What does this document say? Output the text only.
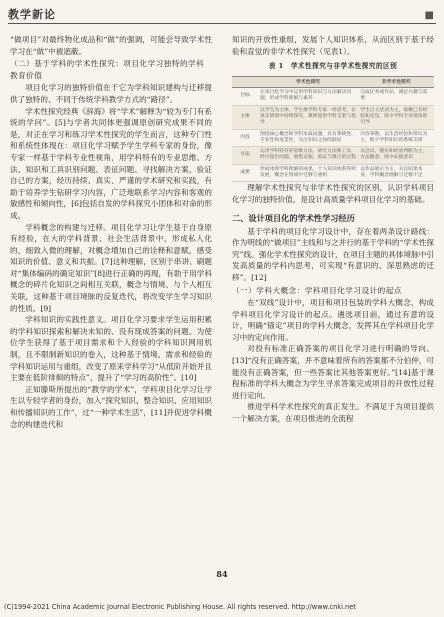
教学新论	■

“做项目”对最终物化成品和“做”的强调，可能会导致学术性学习在“做”中被遮蔽。

（二）基于学科的学术性探究：项目化学习独特的学科教育价值

项目化学习的独特价值在于它为学科知识建构与迁移提供了独特的、不同于传统学科教学方式的“路径”。

学术性探究经典《辞海》将“学术”解释为“较为专门有系统的学问”。[5]与学者共同体更强调原创研究成果不同的是，对正在学习和练习学术性探究的学生而言，这种专门性和系统性体现在：项目化学习赋予学生学科专家的身份，像专家一样基于学科专业性视角，用学科特有的专业思维、方法、知识和工具识别问题、表征问题、寻找解决方案，验证自己的方案，经历持续、真实、严谨的学术研究和实践，有助于培养学生钻研学习内容，广泛地联系学习内容和客观的敏感性和倾向性，[6]包括自发的学科探究小团体和对命的形成。

学科概念的构建与迁移。项目化学习让学生基于自身原有经验，在大的学科背景、社会生活背景中，形成私人化的、细致入微的理解，对概念增加自己的诠释和意赋，感受知识的价值、意义和共振。[7]这种理解，区别于串讲、刷题对“集体编码的确定知识”[8]进行正确的再现，有助于用学科概念的碎片化知识之间相互关联，概念与情境、与个人相互关联，这种基于项目境脉的反复迭代，将改变学生学习知识的性质。[9]

学科知识的实践性意义。项目化学习要求学生运用积累的学科知识探索和解决未知的、没有现成答案的问题。为使位学生获得了基于项目需求和个人经验的学科知识网用机制，且不限制新知识的卷入，这种基于情境、需求和经验的学科知识运用与重组，改变了原来学科学习“从低阶开始并且主要在低阶徘徊的特点”，提升了“学习的高阶性”。[10]

正如滕斯所提出的“教学的学术”，学科项目化学习让学生以专轻学者的身份，加入“探究知识、整合知识、应用知识和传播知识的工作”，过“一种学术生活”，[11]并促进学科概念的构建迭代和

知识的开放性重组，发展个人知识体系，从而区别于基于经验和直觉的非学术性探究（见表1）。

表 1　学术性探究与非学术性探究的区别
	学术性探究	非学术性探究
目标	在项目化学习中运用学科知识与方法解决问题，形成学科理解与素养	完成任务或作品，满足兴趣与需要
主体	以学生为主体，学生像学科专家一样思考，在真实情境中持续探究，教师提供学科支架与指导	学生自主活动为主，依赖已有经验和直觉，缺少学科专业视角的引导
内容	围绕核心概念和学科本质问题，具有系统性、专业性和连贯性，关注知识之间的联结	内容零散，以生活经验和常识为主，缺少学科知识的系统支撑
方法	运用学科特有的思维方法、研究方法和工具，经历提出问题、收集证据、验证与修正的过程	以尝试、模仿和经验判断为主，方法随意，缺少证据意识
成果	形成体现学科理解的成果，个人知识体系得到发展，概念在情境中迁移与重组	以作品展示为主，关注结果本身，学科概念理解与迁移不足

理解学术性探究与非学术性探究的区别，认识学科项目化学习的独特价值，是设计高质量学科项目化学习的基础。

二、设计项目化的学术性学习经历

基于学科的项目化学习设计中，存在着两条设计路线：作为明线的“做项目”主线和与之并行的基于学科的“学术性探究”线。强化学术性探究的设计，在项目主题的具体境脉中引发高质量的学科内思考，可实现“有意识的、深思熟虑的迁移”。[12]

（一）学科大概念：学科项目化学习设计的起点

在“双线”设计中，项目和项目包装的学科大概念，构成学科项目化学习设计的起点。遴选项目前，通过有意的设计，明确“锚定”项目的学科大概念，发挥其在学科项目化学习中的定向作用。

对投有标准正确答案的项目化学习进行明确的导向。[13]“没有正确答案，并不意味着所有的答案都不分伯仲，可能没有正确答案，但一些答案比其他答案更好。”[14]基于课程标准的学科大概念为学生寻求答案完成项目的开放性过程进行定向。

推进学科学术性探究的真正发生。不满足于为项目提供一个解决方案，在项目推进的全流程

84
(C)1994-2021 China Academic Journal Electronic Publishing House. All rights reserved. http://www.cnki.net
